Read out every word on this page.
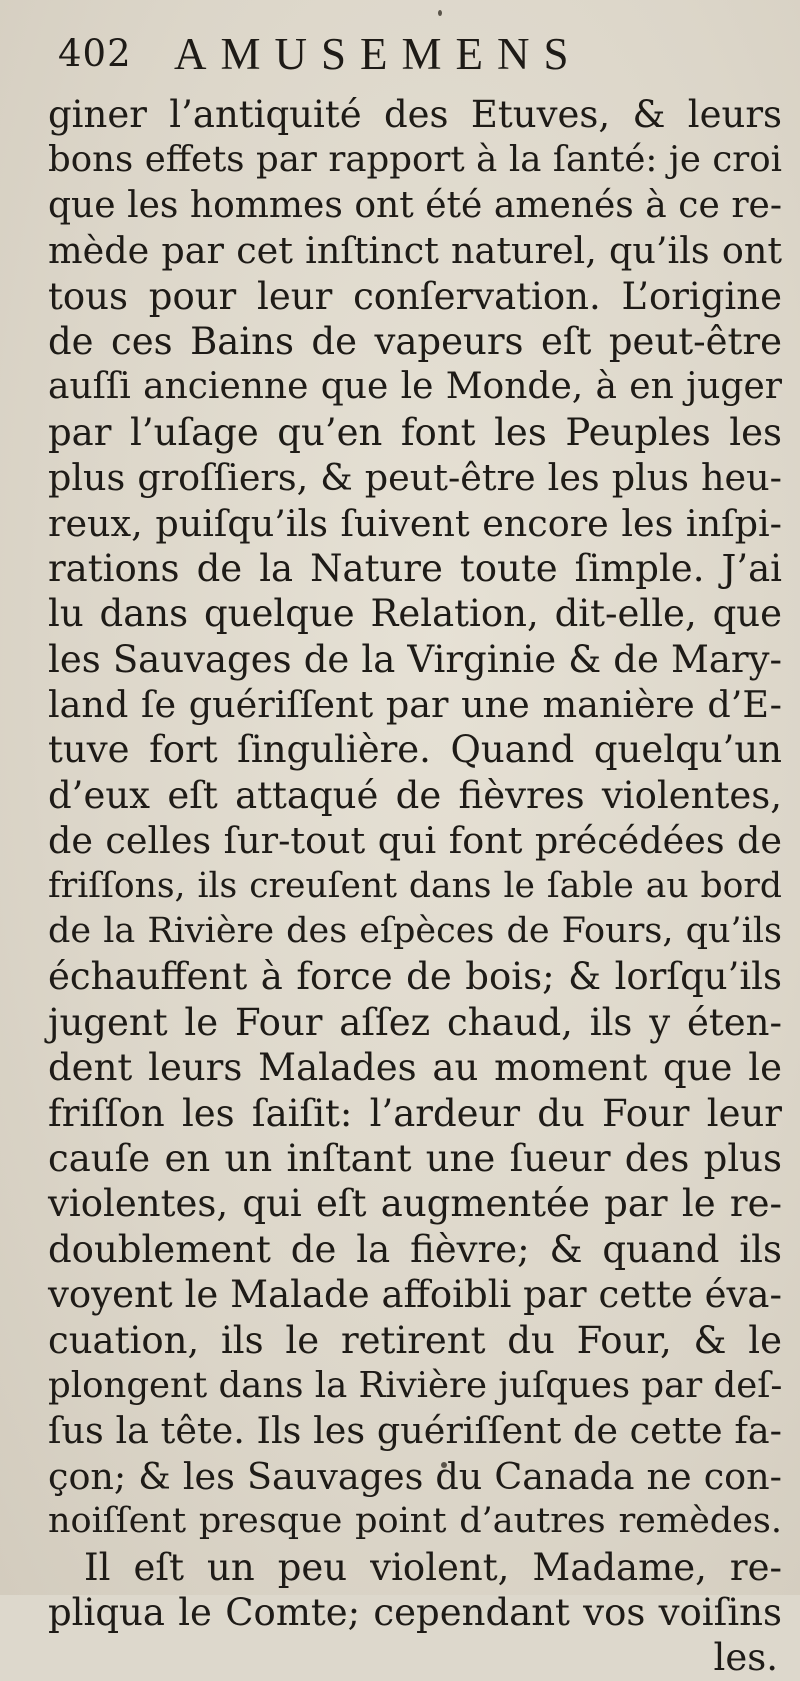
402 AMUSEMENS
giner l’antiquité des Etuves, & leurs
bons effets par rapport à la ſanté: je croi
que les hommes ont été amenés à ce re-
mède par cet inſtinct naturel, qu’ils ont
tous pour leur conſervation. L’origine
de ces Bains de vapeurs eſt peut-être
auſſi ancienne que le Monde, à en juger
par l’uſage qu’en font les Peuples les
plus groſſiers, & peut-être les plus heu-
reux, puiſqu’ils ſuivent encore les inſpi-
rations de la Nature toute ſimple. J’ai
lu dans quelque Relation, dit-elle, que
les Sauvages de la Virginie & de Mary-
land ſe guériſſent par une manière d’E-
tuve fort ſingulière. Quand quelqu’un
d’eux eſt attaqué de fièvres violentes,
de celles ſur-tout qui font précédées de
friſſons, ils creuſent dans le ſable au bord
de la Rivière des eſpèces de Fours, qu’ils
échauffent à force de bois; & lorſqu’ils
jugent le Four aſſez chaud, ils y éten-
dent leurs Malades au moment que le
friſſon les ſaiſit: l’ardeur du Four leur
cauſe en un inſtant une ſueur des plus
violentes, qui eſt augmentée par le re-
doublement de la fièvre; & quand ils
voyent le Malade affoibli par cette éva-
cuation, ils le retirent du Four, & le
plongent dans la Rivière juſques par deſ-
ſus la tête. Ils les guériſſent de cette fa-
çon; & les Sauvages du Canada ne con-
noiſſent presque point d’autres remèdes.
Il eſt un peu violent, Madame, re-
pliqua le Comte; cependant vos voiſins
les.
